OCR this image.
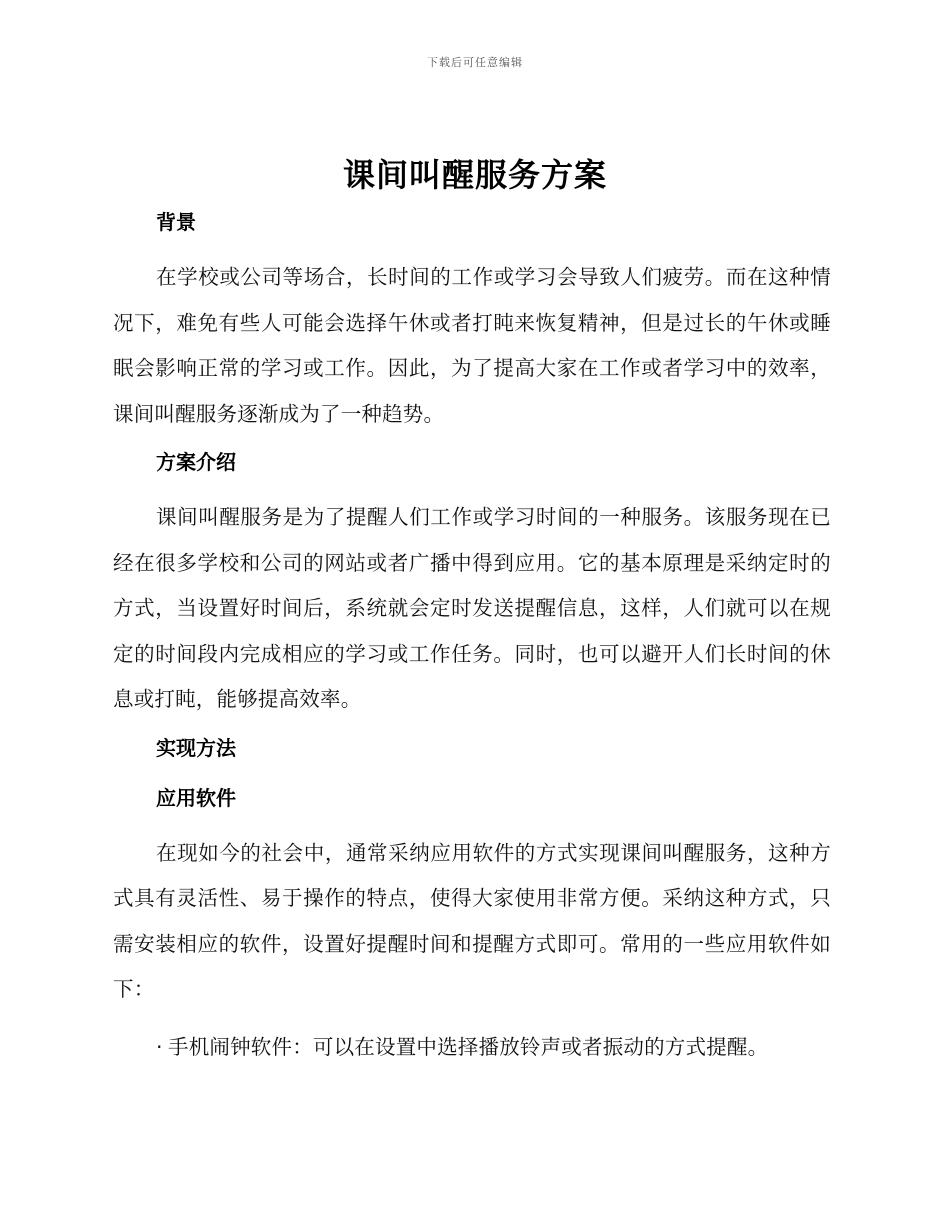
下载后可任意编辑
课间叫醒服务方案
背景

在学校或公司等场合，长时间的工作或学习会导致人们疲劳。而在这种情况下，难免有些人可能会选择午休或者打盹来恢复精神，但是过长的午休或睡眠会影响正常的学习或工作。因此，为了提高大家在工作或者学习中的效率，课间叫醒服务逐渐成为了一种趋势。

方案介绍

课间叫醒服务是为了提醒人们工作或学习时间的一种服务。该服务现在已经在很多学校和公司的网站或者广播中得到应用。它的基本原理是采纳定时的方式，当设置好时间后，系统就会定时发送提醒信息，这样，人们就可以在规定的时间段内完成相应的学习或工作任务。同时，也可以避开人们长时间的休息或打盹，能够提高效率。

实现方法
应用软件

在现如今的社会中，通常采纳应用软件的方式实现课间叫醒服务，这种方式具有灵活性、易于操作的特点，使得大家使用非常方便。采纳这种方式，只需安装相应的软件，设置好提醒时间和提醒方式即可。常用的一些应用软件如下：

· 手机闹钟软件：可以在设置中选择播放铃声或者振动的方式提醒。
